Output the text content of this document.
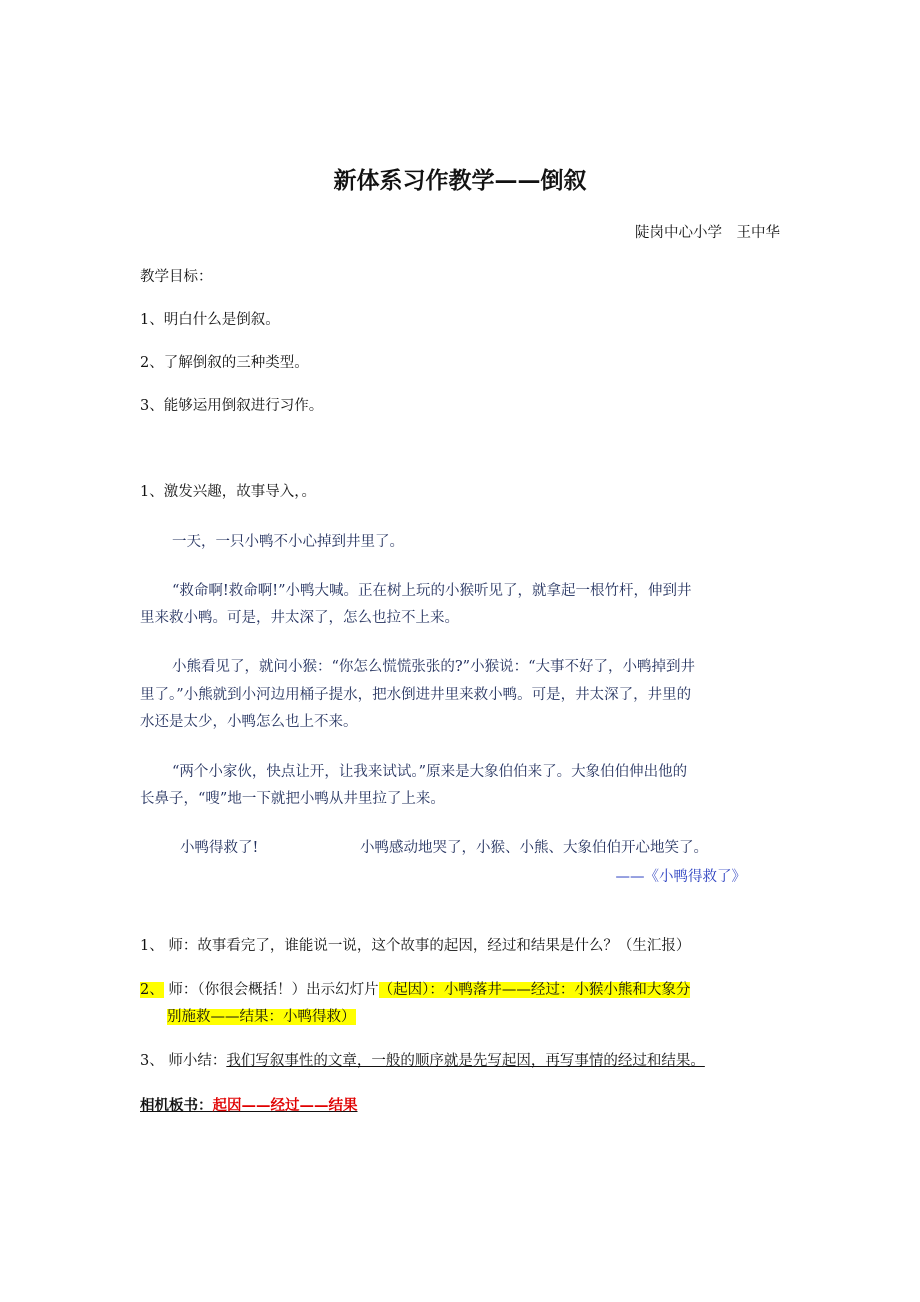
新体系习作教学——倒叙
陡岗中心小学　王中华
教学目标：
1、明白什么是倒叙。
2、了解倒叙的三种类型。
3、能够运用倒叙进行习作。
1、激发兴趣，故事导入，。
一天，一只小鸭不小心掉到井里了。
“救命啊!救命啊!”小鸭大喊。正在树上玩的小猴听见了，就拿起一根竹杆，伸到井
里来救小鸭。可是，井太深了，怎么也拉不上来。
小熊看见了，就问小猴：“你怎么慌慌张张的?”小猴说：“大事不好了，小鸭掉到井
里了。”小熊就到小河边用桶子提水，把水倒进井里来救小鸭。可是，井太深了，井里的
水还是太少，小鸭怎么也上不来。
“两个小家伙，快点让开，让我来试试。”原来是大象伯伯来了。大象伯伯伸出他的
长鼻子，“嗖”地一下就把小鸭从井里拉了上来。
小鸭得救了!	小鸭感动地哭了，小猴、小熊、大象伯伯开心地笑了。
——《小鸭得救了》
1、 师：故事看完了，谁能说一说，这个故事的起因，经过和结果是什么？（生汇报）
2、 师：（你很会概括！）出示幻灯片（起因）：小鸭落井——经过：小猴小熊和大象分
别施救——结果：小鸭得救）
3、 师小结：我们写叙事性的文章，一般的顺序就是先写起因，再写事情的经过和结果。
相机板书：起因——经过——结果
